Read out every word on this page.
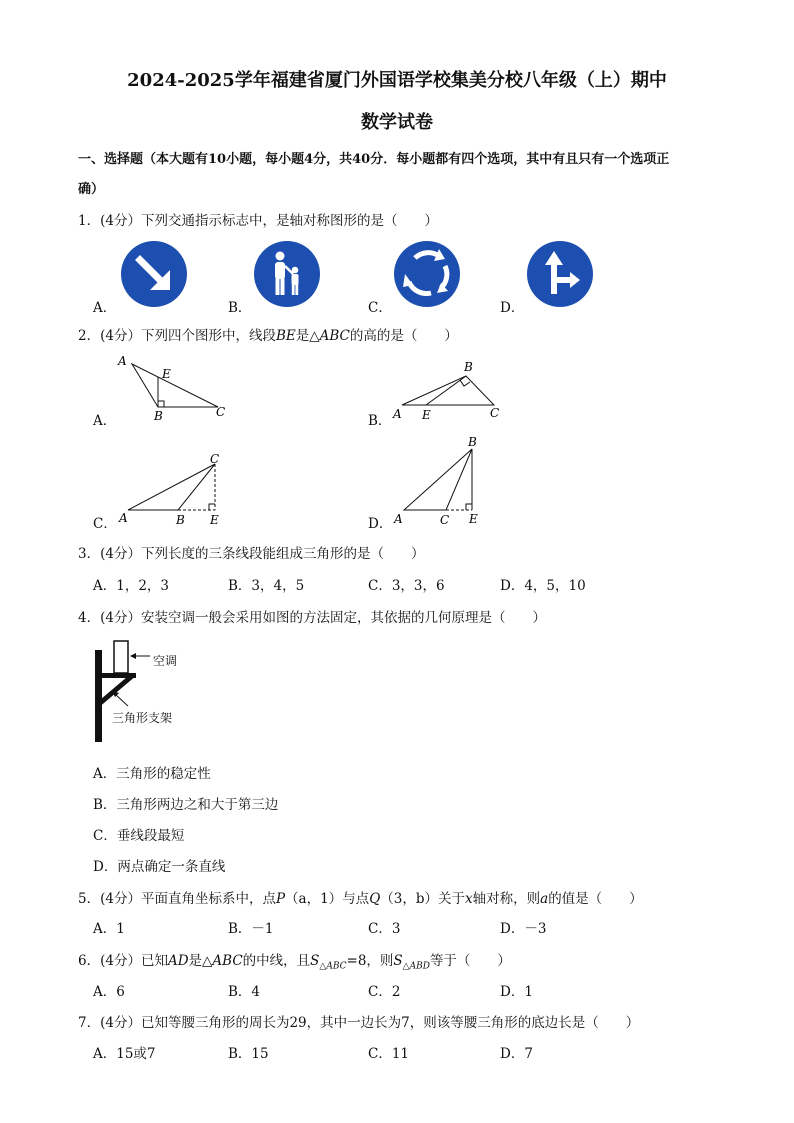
2024-2025学年福建省厦门外国语学校集美分校八年级（上）期中
数学试卷
一、选择题（本大题有10小题，每小题4分，共40分．每小题都有四个选项，其中有且只有一个选项正
确）
1．(4分）下列交通指示标志中，是轴对称图形的是（　　）
A．	B．	C．	D．
2．(4分）下列四个图形中，线段BE是△ABC的高的是（　　）
A
E
B	C
A．
B
A E	C
B．
C
A	B E
C．
B
A	C E
D．
3．(4分）下列长度的三条线段能组成三角形的是（　　）
A．1，2，3	B．3，4，5	C．3，3，6	D．4，5，10
4．(4分）安装空调一般会采用如图的方法固定，其依据的几何原理是（　　）
空调
三角形支架
A．三角形的稳定性
B．三角形两边之和大于第三边
C．垂线段最短
D．两点确定一条直线
5．(4分）平面直角坐标系中，点P（a，1）与点Q（3，b）关于x轴对称，则a的值是（　　）
A．1	B．－1	C．3	D．－3
6．(4分）已知AD是△ABC的中线，且$S_{\triangle ABC}=8$，则$S_{\triangle ABD}$等于（　　）
A．6	B．4	C．2	D．1
7．(4分）已知等腰三角形的周长为29，其中一边长为7，则该等腰三角形的底边长是（　　）
A．15或7	B．15	C．11	D．7
